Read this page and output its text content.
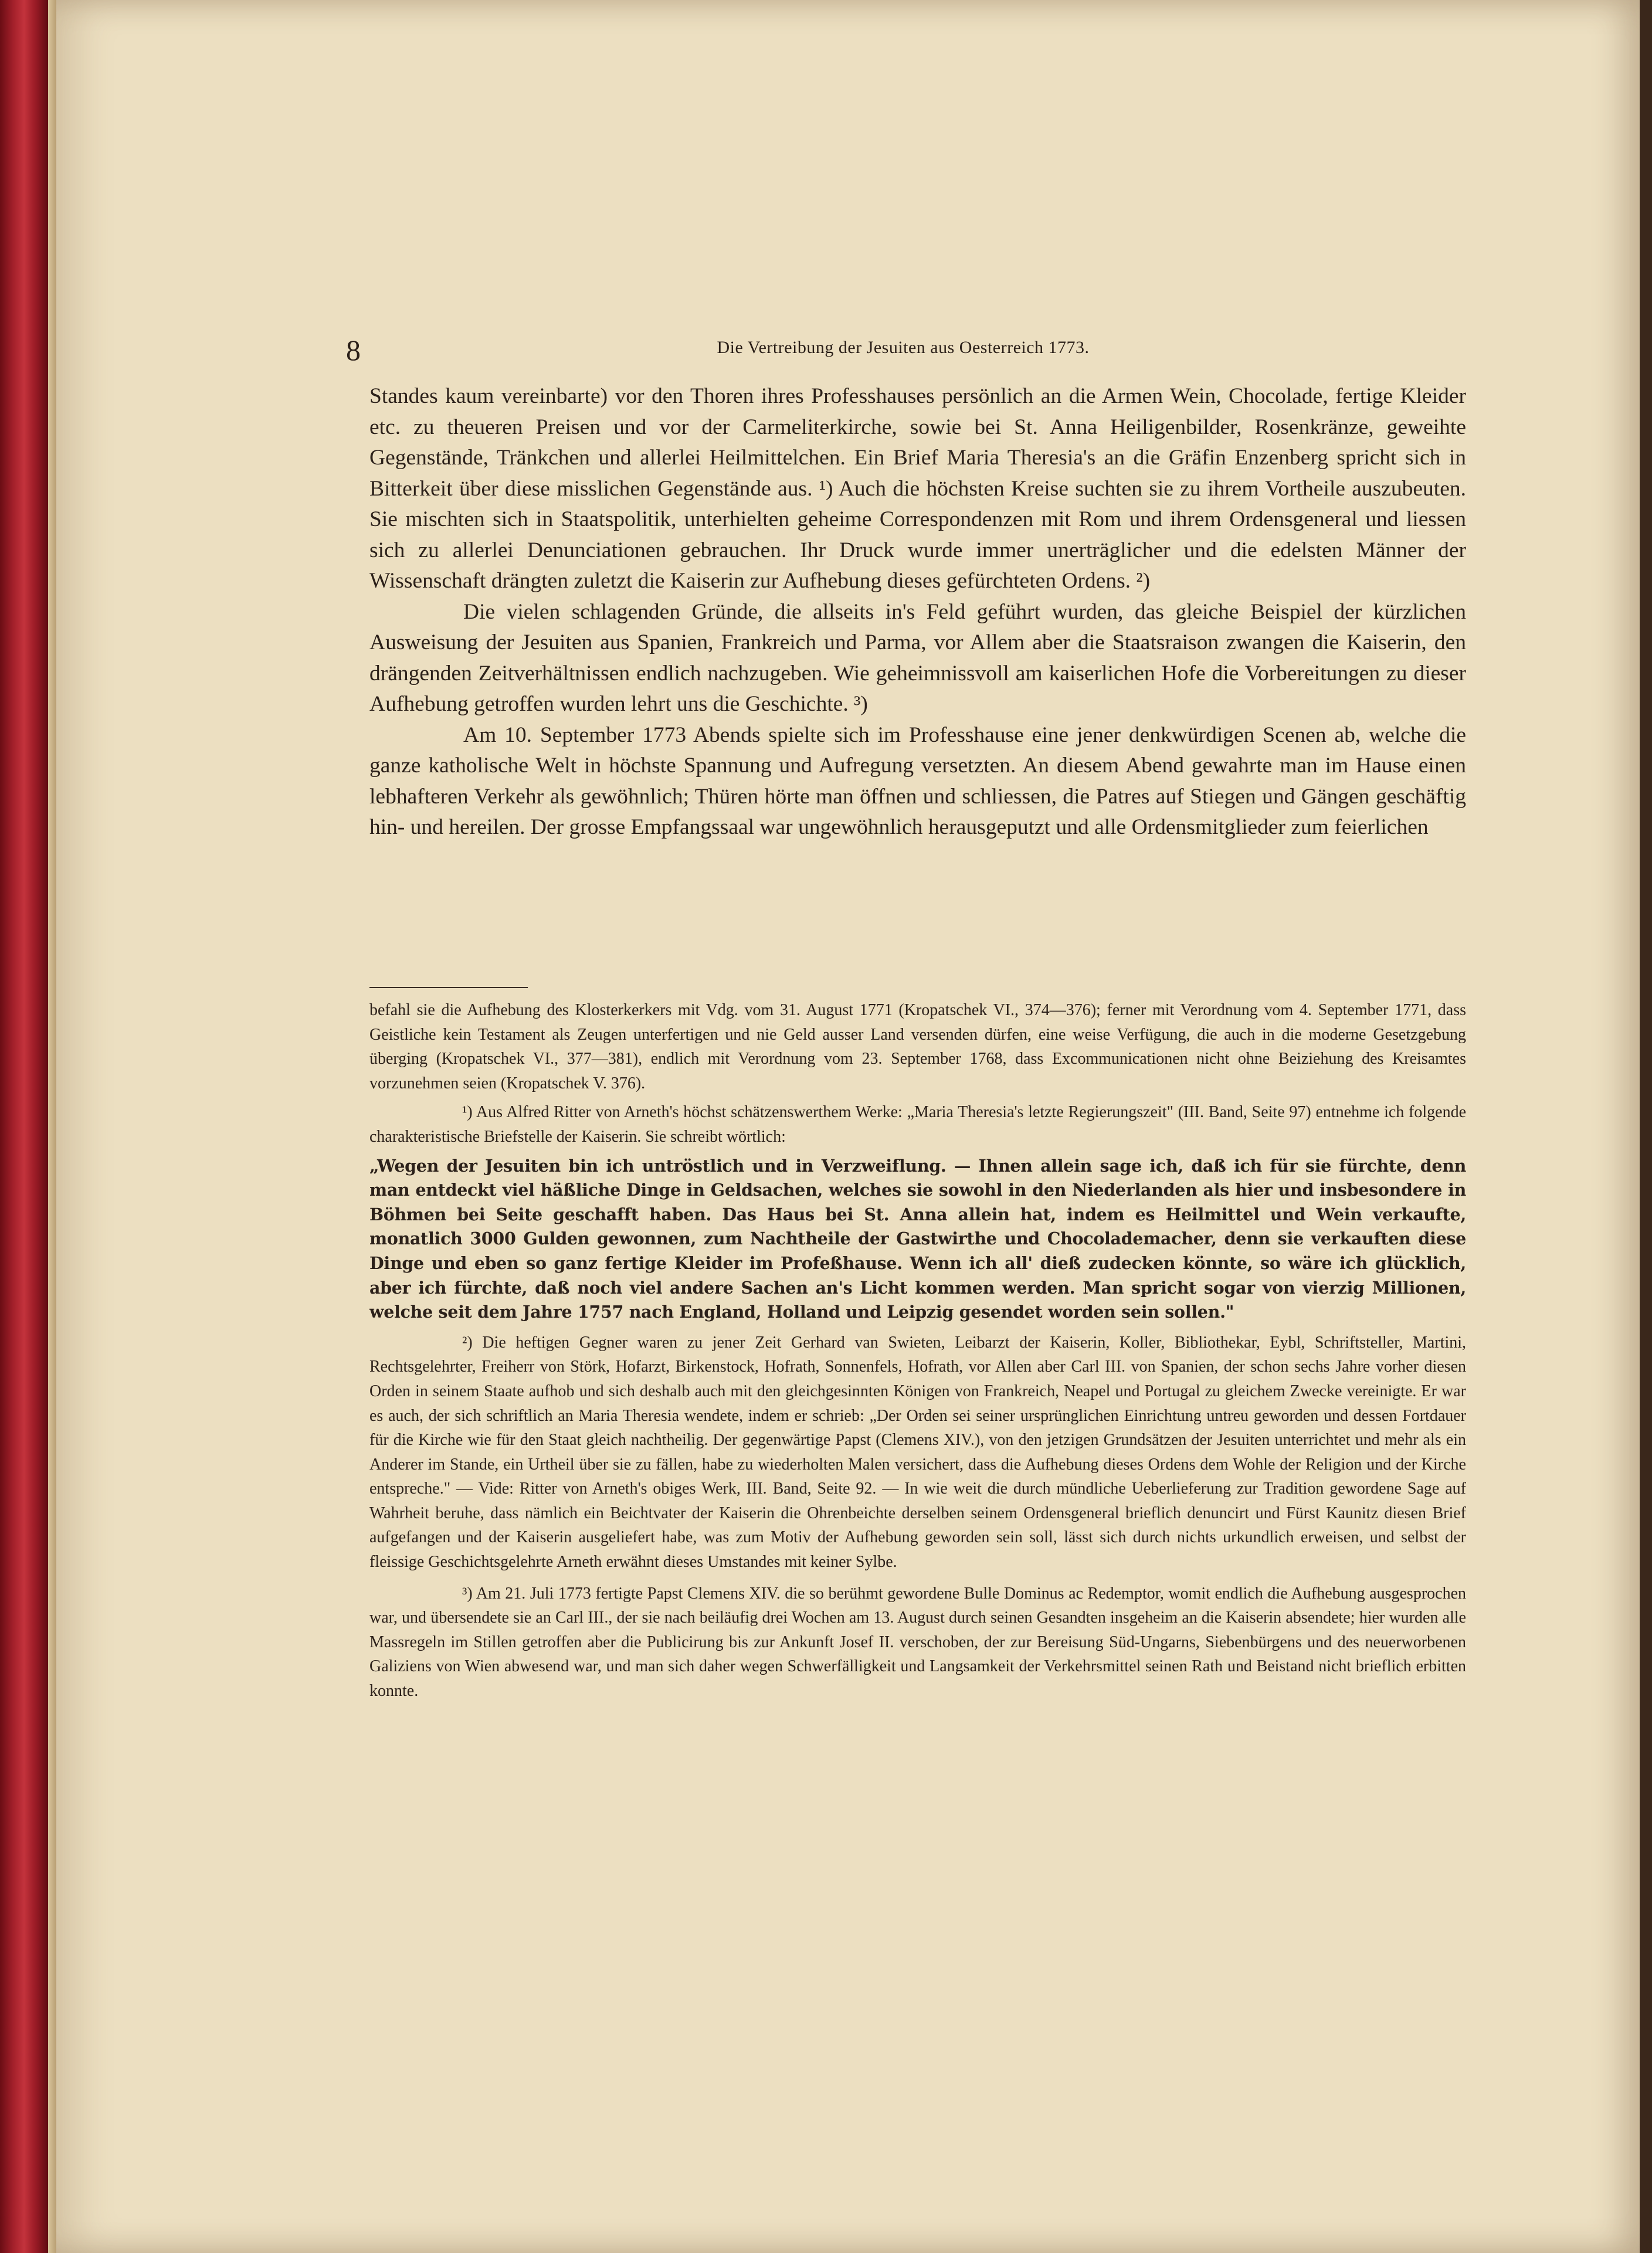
8	Die Vertreibung der Jesuiten aus Oesterreich 1773.

Standes kaum vereinbarte) vor den Thoren ihres Professhauses persönlich an die Armen Wein, Chocolade, fertige Kleider etc. zu theueren Preisen und vor der Carmeliterkirche, sowie bei St. Anna Heiligenbilder, Rosenkränze, geweihte Gegenstände, Tränkchen und allerlei Heilmittelchen. Ein Brief Maria Theresia's an die Gräfin Enzenberg spricht sich in Bitterkeit über diese misslichen Gegenstände aus. ¹) Auch die höchsten Kreise suchten sie zu ihrem Vortheile auszubeuten. Sie mischten sich in Staatspolitik, unterhielten geheime Correspondenzen mit Rom und ihrem Ordensgeneral und liessen sich zu allerlei Denunciationen gebrauchen. Ihr Druck wurde immer unerträglicher und die edelsten Männer der Wissenschaft drängten zuletzt die Kaiserin zur Aufhebung dieses gefürchteten Ordens. ²)

Die vielen schlagenden Gründe, die allseits in's Feld geführt wurden, das gleiche Beispiel der kürzlichen Ausweisung der Jesuiten aus Spanien, Frankreich und Parma, vor Allem aber die Staatsraison zwangen die Kaiserin, den drängenden Zeitverhältnissen endlich nachzugeben. Wie geheimnissvoll am kaiserlichen Hofe die Vorbereitungen zu dieser Aufhebung getroffen wurden lehrt uns die Geschichte. ³)

Am 10. September 1773 Abends spielte sich im Professhause eine jener denkwürdigen Scenen ab, welche die ganze katholische Welt in höchste Spannung und Aufregung versetzten. An diesem Abend gewahrte man im Hause einen lebhafteren Verkehr als gewöhnlich; Thüren hörte man öffnen und schliessen, die Patres auf Stiegen und Gängen geschäftig hin- und hereilen. Der grosse Empfangssaal war ungewöhnlich herausgeputzt und alle Ordensmitglieder zum feierlichen

befahl sie die Aufhebung des Klosterkerkers mit Vdg. vom 31. August 1771 (Kropatschek VI., 374—376); ferner mit Verordnung vom 4. September 1771, dass Geistliche kein Testament als Zeugen unterfertigen und nie Geld ausser Land versenden dürfen, eine weise Verfügung, die auch in die moderne Gesetzgebung überging (Kropatschek VI., 377—381), endlich mit Verordnung vom 23. September 1768, dass Excommunicationen nicht ohne Beiziehung des Kreisamtes vorzunehmen seien (Kropatschek V. 376).

¹) Aus Alfred Ritter von Arneth's höchst schätzenswerthem Werke: „Maria Theresia's letzte Regierungszeit" (III. Band, Seite 97) entnehme ich folgende charakteristische Briefstelle der Kaiserin. Sie schreibt wörtlich:

„Wegen der Jesuiten bin ich untröstlich und in Verzweiflung. — Ihnen allein sage ich, daß ich für sie fürchte, denn man entdeckt viel häßliche Dinge in Geldsachen, welches sie sowohl in den Niederlanden als hier und insbesondere in Böhmen bei Seite geschafft haben. Das Haus bei St. Anna allein hat, indem es Heilmittel und Wein verkaufte, monatlich 3000 Gulden gewonnen, zum Nachtheile der Gastwirthe und Chocolademacher, denn sie verkauften diese Dinge und eben so ganz fertige Kleider im Profeßhause. Wenn ich all' dieß zudecken könnte, so wäre ich glücklich, aber ich fürchte, daß noch viel andere Sachen an's Licht kommen werden. Man spricht sogar von vierzig Millionen, welche seit dem Jahre 1757 nach England, Holland und Leipzig gesendet worden sein sollen."

²) Die heftigen Gegner waren zu jener Zeit Gerhard van Swieten, Leibarzt der Kaiserin, Koller, Bibliothekar, Eybl, Schriftsteller, Martini, Rechtsgelehrter, Freiherr von Störk, Hofarzt, Birkenstock, Hofrath, Sonnenfels, Hofrath, vor Allen aber Carl III. von Spanien, der schon sechs Jahre vorher diesen Orden in seinem Staate aufhob und sich deshalb auch mit den gleichgesinnten Königen von Frankreich, Neapel und Portugal zu gleichem Zwecke vereinigte. Er war es auch, der sich schriftlich an Maria Theresia wendete, indem er schrieb: „Der Orden sei seiner ursprünglichen Einrichtung untreu geworden und dessen Fortdauer für die Kirche wie für den Staat gleich nachtheilig. Der gegenwärtige Papst (Clemens XIV.), von den jetzigen Grundsätzen der Jesuiten unterrichtet und mehr als ein Anderer im Stande, ein Urtheil über sie zu fällen, habe zu wiederholten Malen versichert, dass die Aufhebung dieses Ordens dem Wohle der Religion und der Kirche entspreche." — Vide: Ritter von Arneth's obiges Werk, III. Band, Seite 92. — In wie weit die durch mündliche Ueberlieferung zur Tradition gewordene Sage auf Wahrheit beruhe, dass nämlich ein Beichtvater der Kaiserin die Ohrenbeichte derselben seinem Ordensgeneral brieflich denuncirt und Fürst Kaunitz diesen Brief aufgefangen und der Kaiserin ausgeliefert habe, was zum Motiv der Aufhebung geworden sein soll, lässt sich durch nichts urkundlich erweisen, und selbst der fleissige Geschichtsgelehrte Arneth erwähnt dieses Umstandes mit keiner Sylbe.

³) Am 21. Juli 1773 fertigte Papst Clemens XIV. die so berühmt gewordene Bulle Dominus ac Redemptor, womit endlich die Aufhebung ausgesprochen war, und übersendete sie an Carl III., der sie nach beiläufig drei Wochen am 13. August durch seinen Gesandten insgeheim an die Kaiserin absendete; hier wurden alle Massregeln im Stillen getroffen aber die Publicirung bis zur Ankunft Josef II. verschoben, der zur Bereisung Süd-Ungarns, Siebenbürgens und des neuerworbenen Galiziens von Wien abwesend war, und man sich daher wegen Schwerfälligkeit und Langsamkeit der Verkehrsmittel seinen Rath und Beistand nicht brieflich erbitten konnte.
